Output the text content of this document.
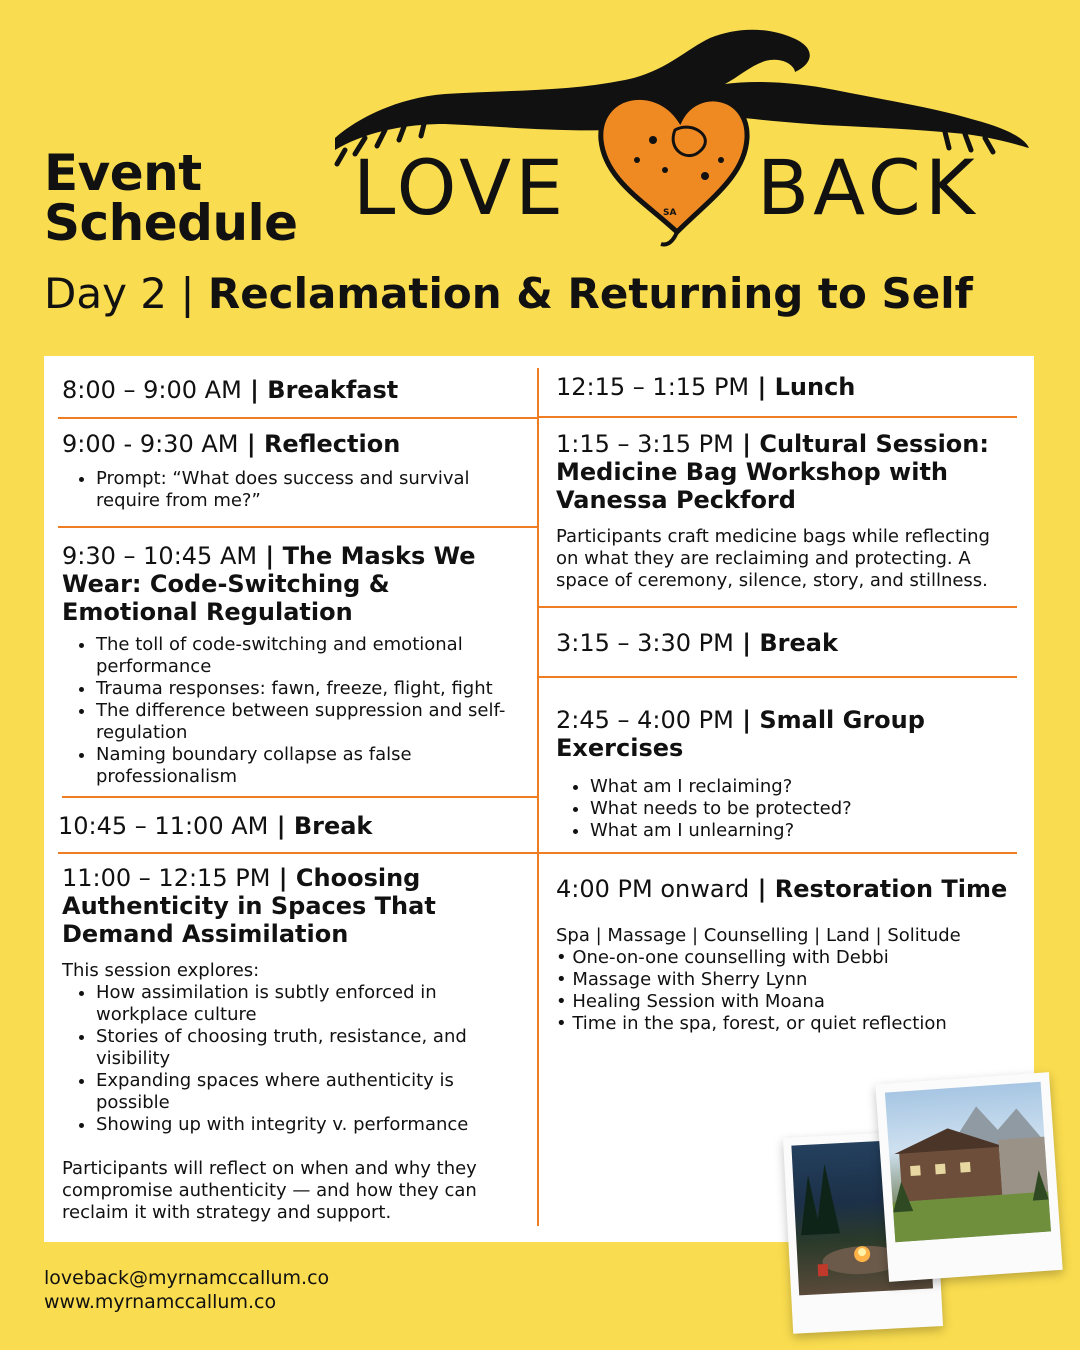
Event
Schedule
Day 2 | Reclamation & Returning to Self
LOVE BACK
SA
8:00 – 9:00 AM | Breakfast
9:00 - 9:30 AM | Reflection
• Prompt: “What does success and survival require from me?”
9:30 – 10:45 AM | The Masks We
Wear: Code-Switching &
Emotional Regulation
• The toll of code-switching and emotional performance
• Trauma responses: fawn, freeze, flight, fight
• The difference between suppression and self-regulation
• Naming boundary collapse as false professionalism
10:45 – 11:00 AM | Break
11:00 – 12:15 PM | Choosing
Authenticity in Spaces That
Demand Assimilation
This session explores:
• How assimilation is subtly enforced in workplace culture
• Stories of choosing truth, resistance, and visibility
• Expanding spaces where authenticity is possible
• Showing up with integrity v. performance
Participants will reflect on when and why they compromise authenticity — and how they can reclaim it with strategy and support.
12:15 – 1:15 PM | Lunch
1:15 – 3:15 PM | Cultural Session:
Medicine Bag Workshop with
Vanessa Peckford
Participants craft medicine bags while reflecting on what they are reclaiming and protecting. A space of ceremony, silence, story, and stillness.
3:15 – 3:30 PM | Break
2:45 – 4:00 PM | Small Group
Exercises
• What am I reclaiming?
• What needs to be protected?
• What am I unlearning?
4:00 PM onward | Restoration Time
Spa | Massage | Counselling | Land | Solitude
• One-on-one counselling with Debbi
• Massage with Sherry Lynn
• Healing Session with Moana
• Time in the spa, forest, or quiet reflection
loveback@myrnamccallum.co
www.myrnamccallum.co
